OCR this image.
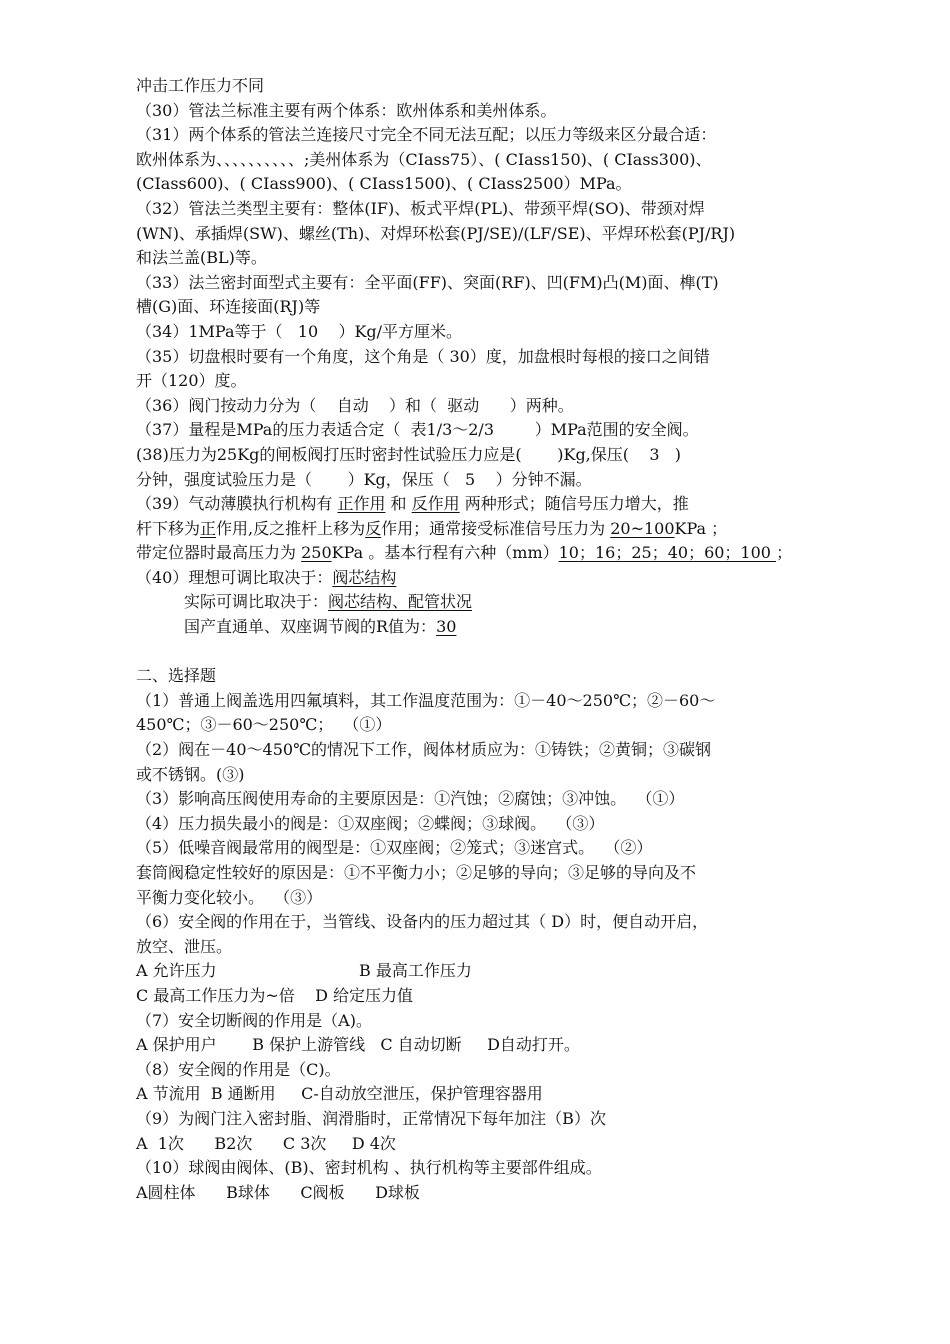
冲击工作压力不同
（30）管法兰标准主要有两个体系：欧州体系和美州体系。
（31）两个体系的管法兰连接尺寸完全不同无法互配；以压力等级来区分最合适：
欧州体系为、、、、、、、、、、;美州体系为（CIass75）、( CIass150)、( CIass300)、
(CIass600)、( CIass900)、( CIass1500)、( CIass2500）MPa。
（32）管法兰类型主要有：整体(IF)、板式平焊(PL)、带颈平焊(SO)、带颈对焊
(WN)、承插焊(SW)、螺丝(Th)、对焊环松套(PJ/SE)/(LF/SE)、平焊环松套(PJ/RJ)
和法兰盖(BL)等。
（33）法兰密封面型式主要有：全平面(FF)、突面(RF)、凹(FM)凸(M)面、榫(T)
槽(G)面、环连接面(RJ)等
（34）1MPa等于（   10    ）Kg/平方厘米。
（35）切盘根时要有一个角度，这个角是（ 30）度，加盘根时每根的接口之间错
开（120）度。
（36）阀门按动力分为（    自动    ）和（  驱动      ）两种。
（37）量程是MPa的压力表适合定（  表1/3～2/3        ）MPa范围的安全阀。
(38)压力为25Kg的闸板阀打压时密封性试验压力应是(       )Kg,保压(    3   )
分钟，强度试验压力是（       ）Kg，保压（   5    ）分钟不漏。
（39）气动薄膜执行机构有 正作用 和 反作用 两种形式；随信号压力增大，推
杆下移为正作用,反之推杆上移为反作用；通常接受标准信号压力为 20~100KPa ；
带定位器时最高压力为 250KPa 。基本行程有六种（mm）10；16；25；40；60；100 ；
（40）理想可调比取决于：阀芯结构
实际可调比取决于：阀芯结构、配管状况
国产直通单、双座调节阀的R值为：30
二、选择题
（1）普通上阀盖选用四氟填料，其工作温度范围为：①－40～250℃；②－60～
450℃；③－60～250℃；  （①）
（2）阀在－40～450℃的情况下工作，阀体材质应为：①铸铁；②黄铜；③碳钢
或不锈钢。(③)
（3）影响高压阀使用寿命的主要原因是：①汽蚀；②腐蚀；③冲蚀。  （①）
（4）压力损失最小的阀是：①双座阀；②蝶阀；③球阀。  （③）
（5）低噪音阀最常用的阀型是：①双座阀；②笼式；③迷宫式。  （②）
套筒阀稳定性较好的原因是：①不平衡力小；②足够的导向；③足够的导向及不
平衡力变化较小。  （③）
（6）安全阀的作用在于，当管线、设备内的压力超过其（ D）时，便自动开启，
放空、泄压。
A 允许压力                            B 最高工作压力
C 最高工作压力为~倍    D 给定压力值
（7）安全切断阀的作用是（A)。
A 保护用户       B 保护上游管线   C 自动切断     D自动打开。
（8）安全阀的作用是（C)。
A 节流用  B 通断用     C-自动放空泄压，保护管理容器用
（9）为阀门注入密封脂、润滑脂时，正常情况下每年加注（B）次
A  1次      B2次      C 3次     D 4次
（10）球阀由阀体、(B)、密封机构 、执行机构等主要部件组成。
A圆柱体      B球体      C阀板      D球板
